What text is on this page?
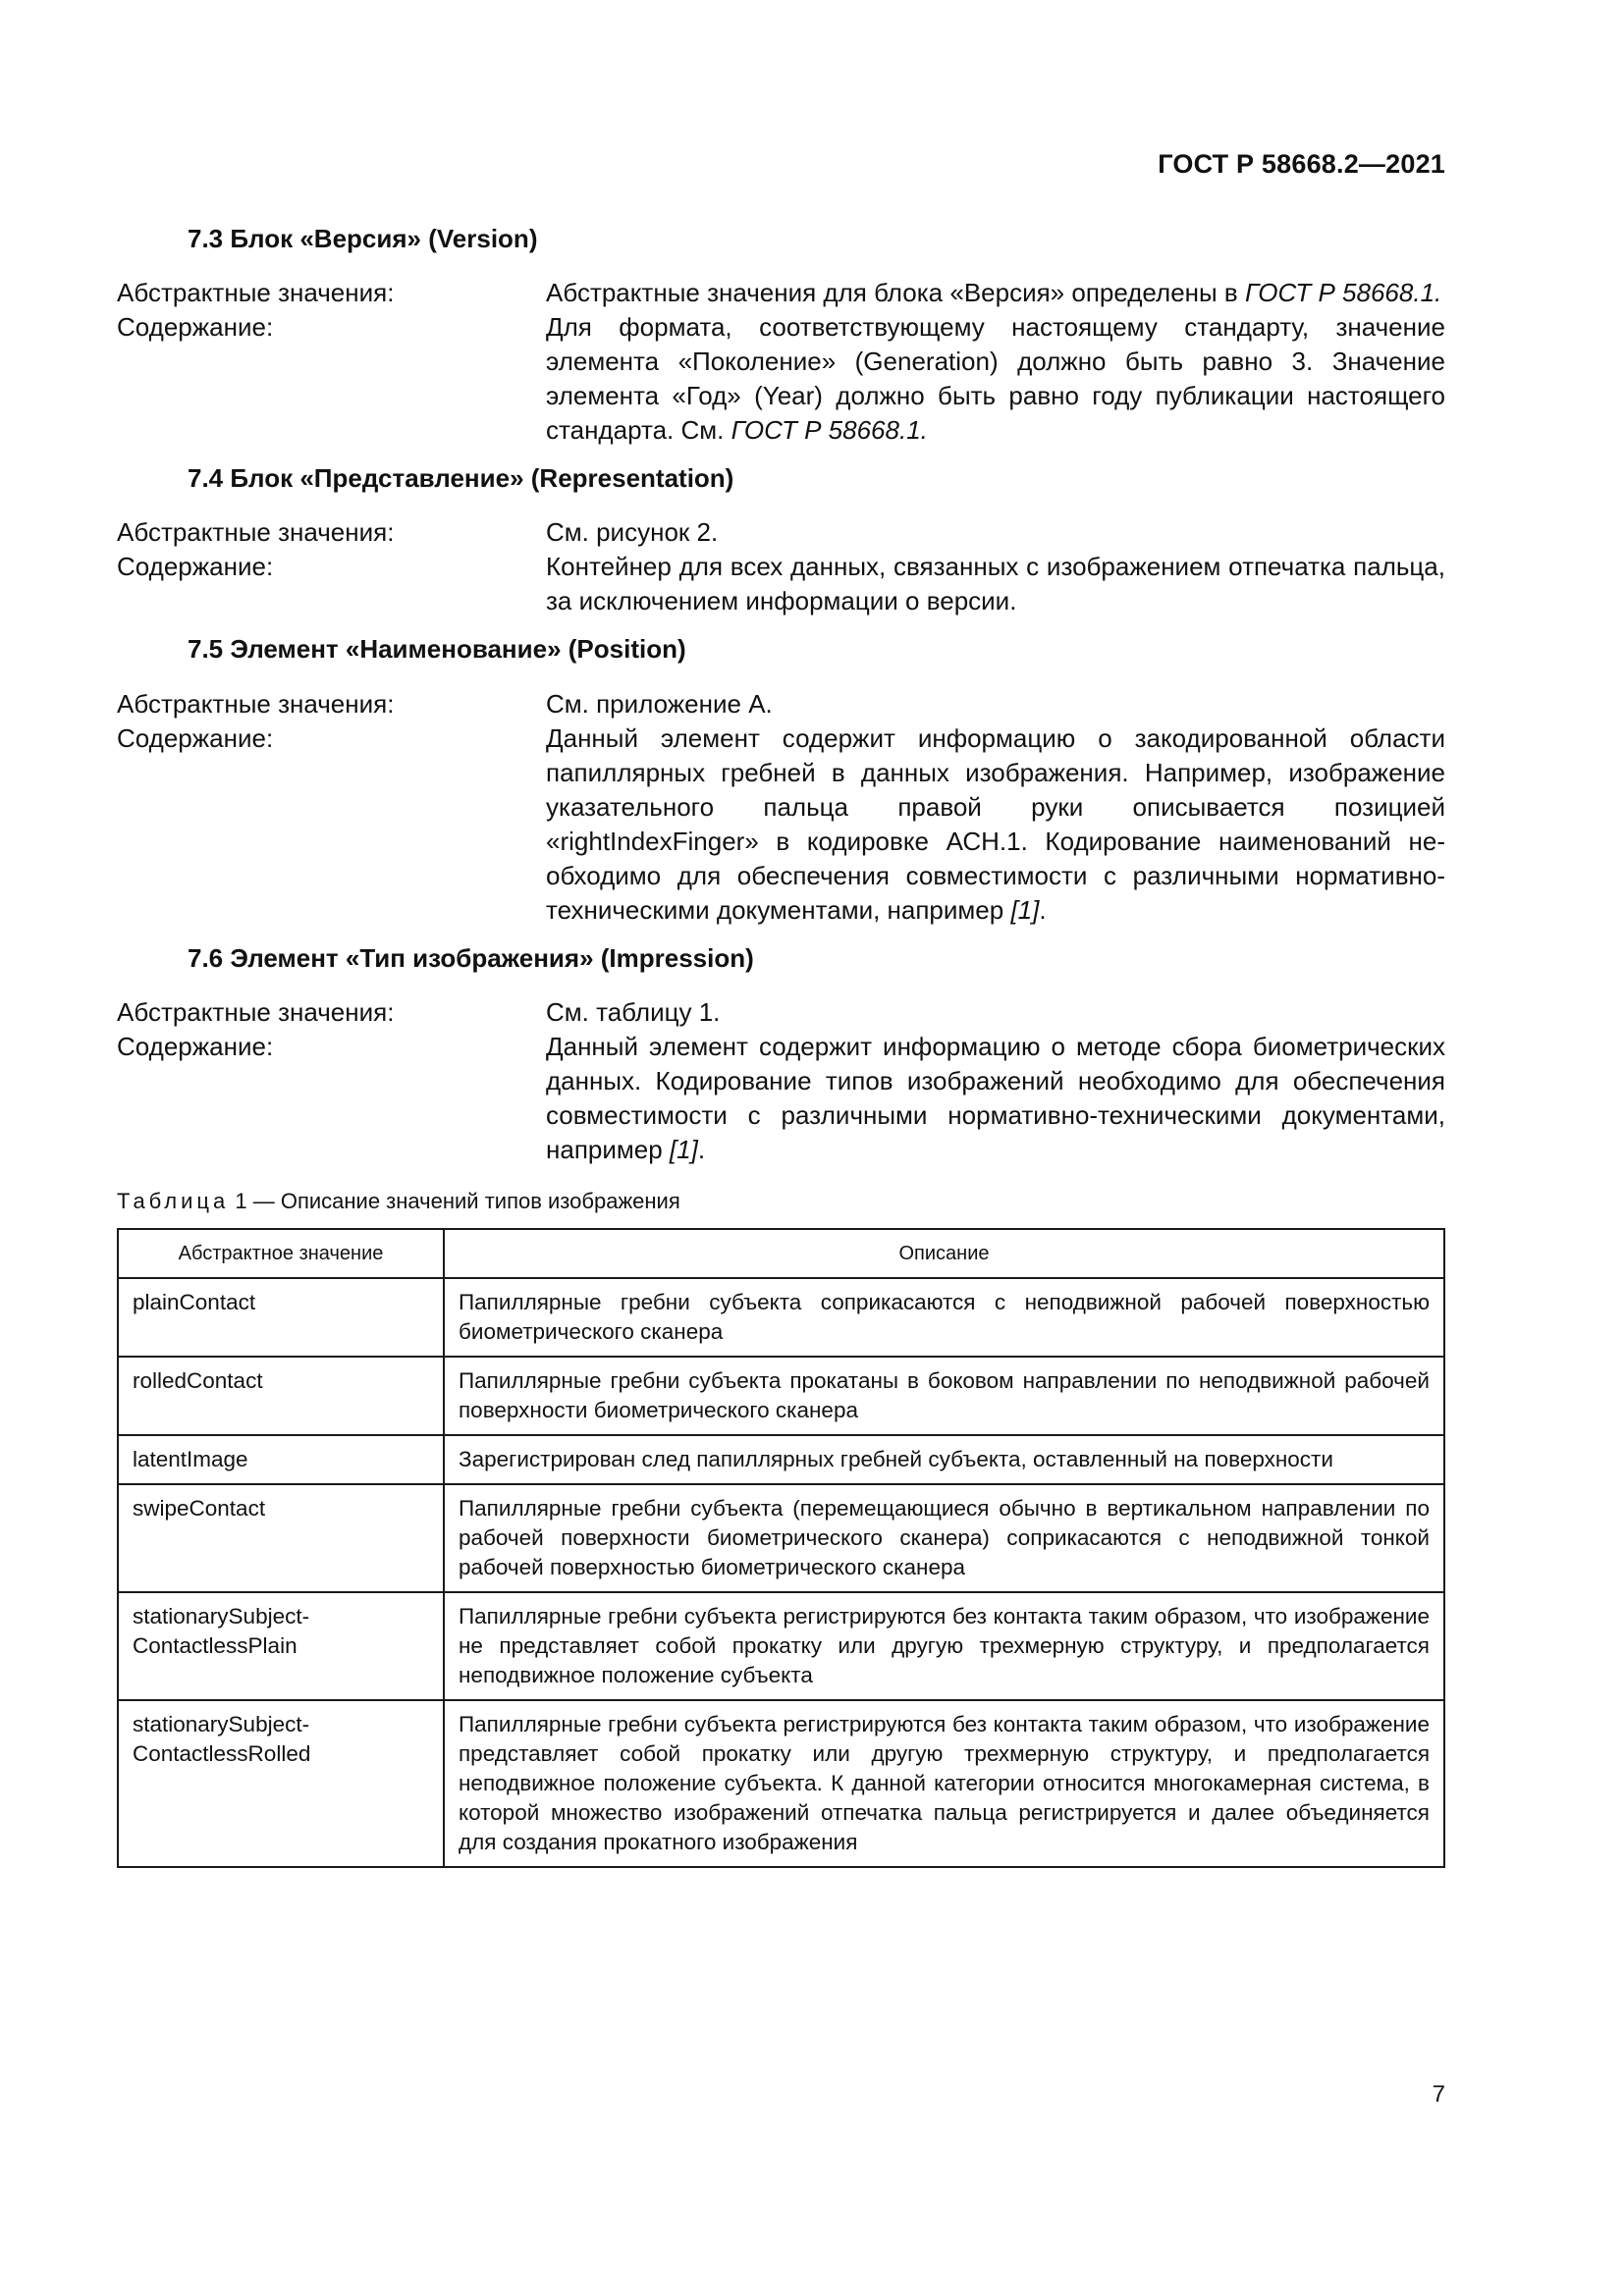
ГОСТ Р 58668.2—2021
7.3 Блок «Версия» (Version)
Абстрактные значения:	Абстрактные значения для блока «Версия» определены в ГОСТ Р 58668.1.
Содержание:	Для формата, соответствующему настоящему стандарту, значение элемента «Поколение» (Generation) должно быть равно 3. Значение элемента «Год» (Year) должно быть равно году публикации настоящего стандарта. См. ГОСТ Р 58668.1.
7.4 Блок «Представление» (Representation)
Абстрактные значения:	См. рисунок 2.
Содержание:	Контейнер для всех данных, связанных с изображением отпечатка пальца, за исключением информации о версии.
7.5 Элемент «Наименование» (Position)
Абстрактные значения:	См. приложение А.
Содержание:	Данный элемент содержит информацию о закодированной области папиллярных гребней в данных изображения. Например, изображение указательного пальца правой руки описывается позицией «rightIndexFinger» в кодировке АСН.1. Кодирование наименований необходимо для обеспечения совместимости с различными нормативно-техническими документами, например [1].
7.6 Элемент «Тип изображения» (Impression)
Абстрактные значения:	См. таблицу 1.
Содержание:	Данный элемент содержит информацию о методе сбора биометрических данных. Кодирование типов изображений необходимо для обеспечения совместимости с различными нормативно-техническими документами, например [1].
Таблица 1 — Описание значений типов изображения
Абстрактное значение	Описание
plainContact	Папиллярные гребни субъекта соприкасаются с неподвижной рабочей поверхностью биометрического сканера
rolledContact	Папиллярные гребни субъекта прокатаны в боковом направлении по неподвижной рабочей поверхности биометрического сканера
latentImage	Зарегистрирован след папиллярных гребней субъекта, оставленный на поверхности
swipeContact	Папиллярные гребни субъекта (перемещающиеся обычно в вертикальном направлении по рабочей поверхности биометрического сканера) соприкасаются с неподвижной тонкой рабочей поверхностью биометрического сканера
stationarySubject-
ContactlessPlain	Папиллярные гребни субъекта регистрируются без контакта таким образом, что изображение не представляет собой прокатку или другую трехмерную структуру, и предполагается неподвижное положение субъекта
stationarySubject-
ContactlessRolled	Папиллярные гребни субъекта регистрируются без контакта таким образом, что изображение представляет собой прокатку или другую трехмерную структуру, и предполагается неподвижное положение субъекта. К данной категории относится многокамерная система, в которой множество изображений отпечатка пальца регистрируется и далее объединяется для создания прокатного изображения
7
